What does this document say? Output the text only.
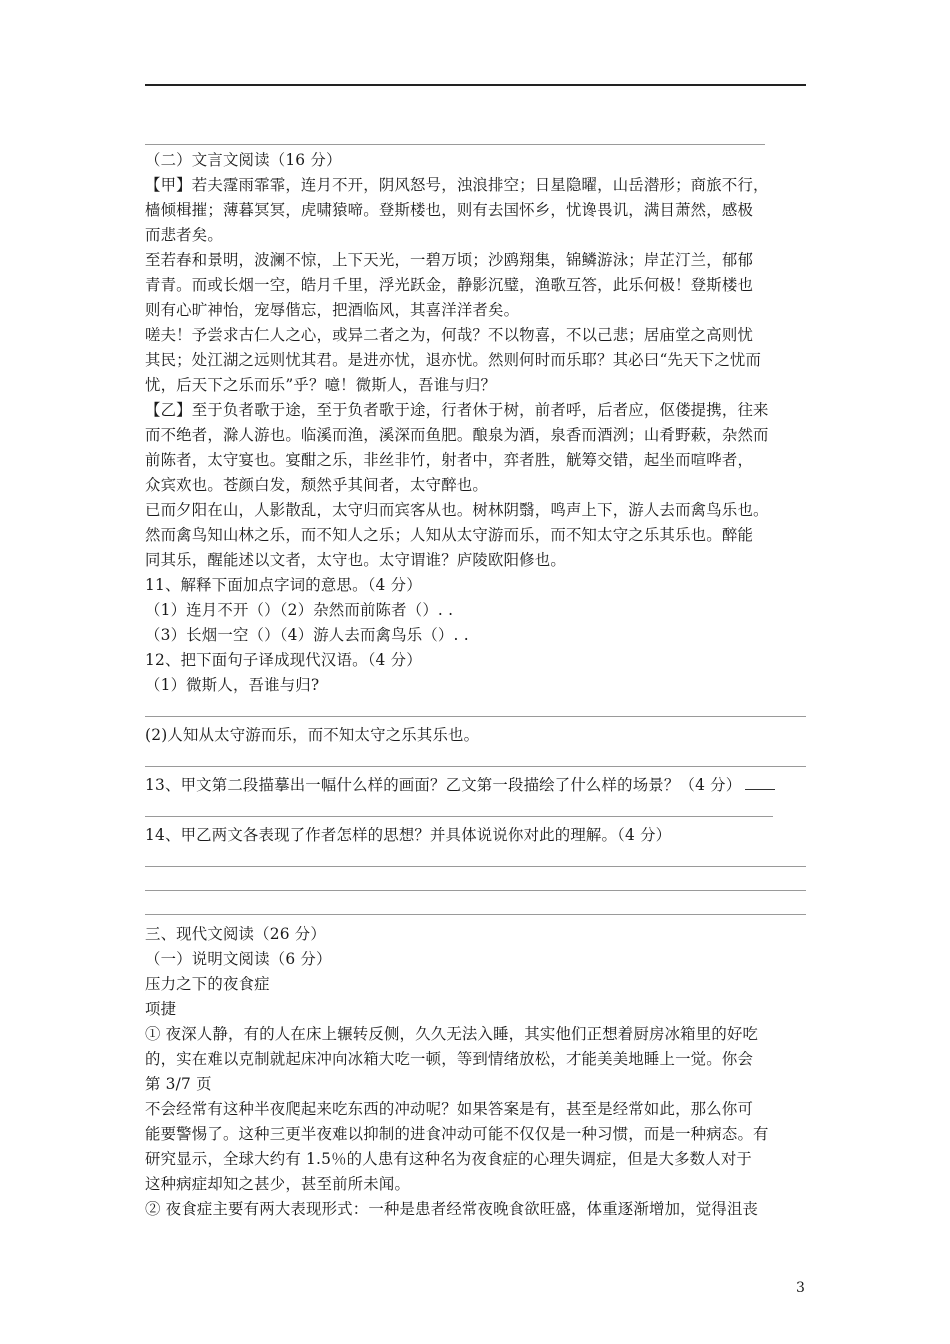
（二）文言文阅读（16 分）
【甲】若夫霪雨霏霏，连月不开，阴风怒号，浊浪排空；日星隐曜，山岳潜形；商旅不行，
樯倾楫摧；薄暮冥冥，虎啸猿啼。登斯楼也，则有去国怀乡，忧谗畏讥，满目萧然，感极
而悲者矣。
至若春和景明，波澜不惊，上下天光，一碧万顷；沙鸥翔集，锦鳞游泳；岸芷汀兰，郁郁
青青。而或长烟一空，皓月千里，浮光跃金，静影沉璧，渔歌互答，此乐何极！登斯楼也
则有心旷神怡，宠辱偕忘，把酒临风，其喜洋洋者矣。
嗟夫！予尝求古仁人之心，或异二者之为，何哉？不以物喜，不以己悲；居庙堂之高则忧
其民；处江湖之远则忧其君。是进亦忧，退亦忧。然则何时而乐耶？其必曰“先天下之忧而
忧，后天下之乐而乐”乎？噫！微斯人，吾谁与归？
【乙】至于负者歌于途，至于负者歌于途，行者休于树，前者呼，后者应，伛偻提携，往来
而不绝者，滁人游也。临溪而渔，溪深而鱼肥。酿泉为酒，泉香而酒洌；山肴野蔌，杂然而
前陈者，太守宴也。宴酣之乐，非丝非竹，射者中，弈者胜，觥筹交错，起坐而喧哗者，
众宾欢也。苍颜白发，颓然乎其间者，太守醉也。
已而夕阳在山，人影散乱，太守归而宾客从也。树林阴翳，鸣声上下，游人去而禽鸟乐也。
然而禽鸟知山林之乐，而不知人之乐；人知从太守游而乐，而不知太守之乐其乐也。醉能
同其乐，醒能述以文者，太守也。太守谓谁？庐陵欧阳修也。
11、解释下面加点字词的意思。（4 分）
（1）连月不开（）（2）杂然而前陈者（）. .
（3）长烟一空（）（4）游人去而禽鸟乐（）. .
12、把下面句子译成现代汉语。（4 分）
（1）微斯人，吾谁与归?
(2)人知从太守游而乐，而不知太守之乐其乐也。
13、甲文第二段描摹出一幅什么样的画面？乙文第一段描绘了什么样的场景？（4 分）
14、甲乙两文各表现了作者怎样的思想？并具体说说你对此的理解。（4 分）
三、现代文阅读（26 分）
（一）说明文阅读（6 分）
压力之下的夜食症
项捷
① 夜深人静，有的人在床上辗转反侧，久久无法入睡，其实他们正想着厨房冰箱里的好吃
的，实在难以克制就起床冲向冰箱大吃一顿，等到情绪放松，才能美美地睡上一觉。你会
第 3/7 页
不会经常有这种半夜爬起来吃东西的冲动呢？如果答案是有，甚至是经常如此，那么你可
能要警惕了。这种三更半夜难以抑制的进食冲动可能不仅仅是一种习惯，而是一种病态。有
研究显示，全球大约有 1.5％的人患有这种名为夜食症的心理失调症，但是大多数人对于
这种病症却知之甚少，甚至前所未闻。
② 夜食症主要有两大表现形式：一种是患者经常夜晚食欲旺盛，体重逐渐增加，觉得沮丧
3
